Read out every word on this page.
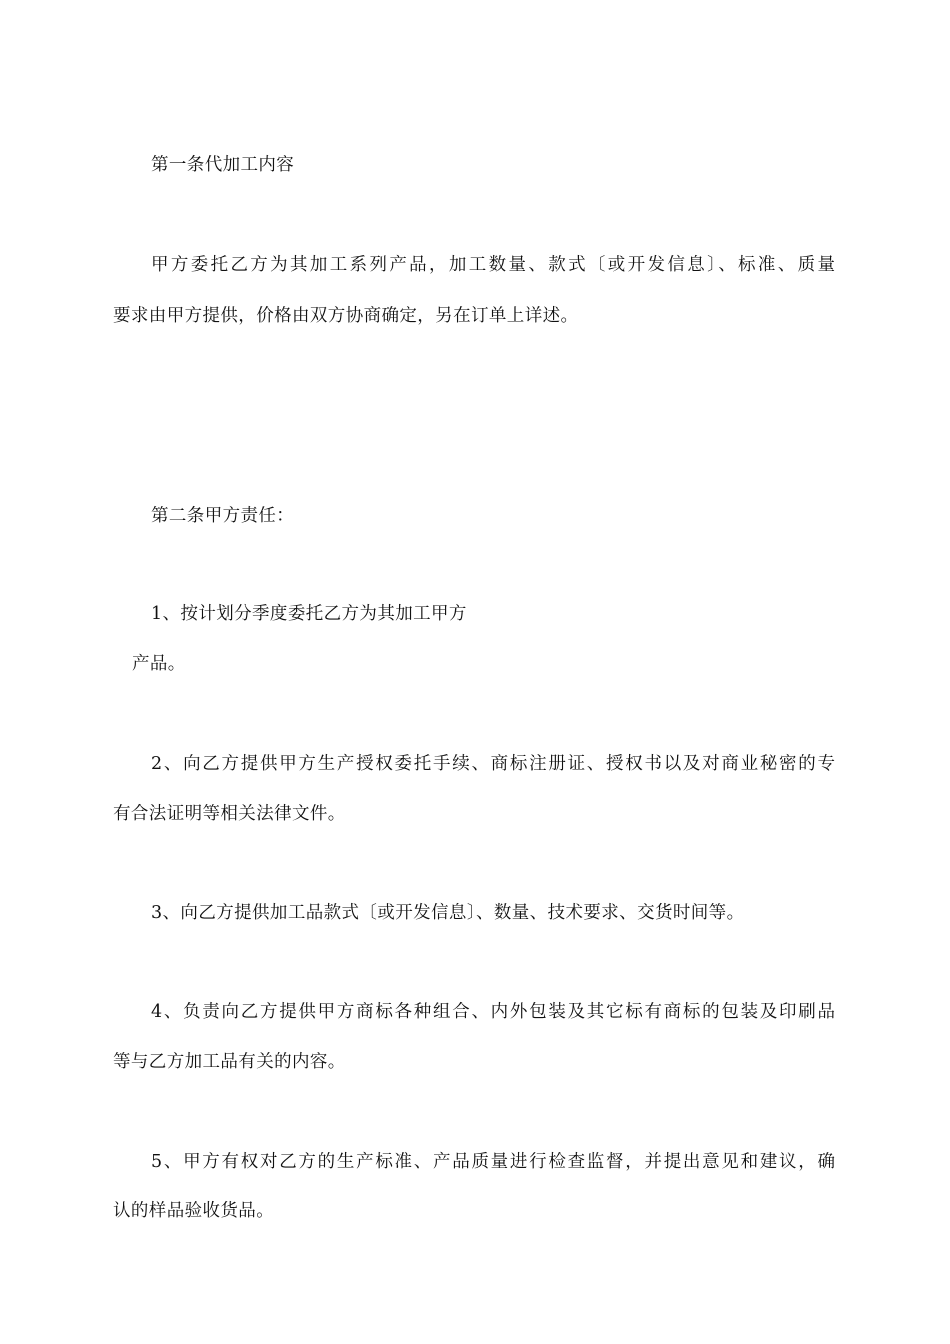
第一条代加工内容
甲方委托乙方为其加工系列产品，加工数量、款式〔或开发信息〕、标准、质量
要求由甲方提供，价格由双方协商确定，另在订单上详述。
第二条甲方责任：
1、按计划分季度委托乙方为其加工甲方
产品。
2、向乙方提供甲方生产授权委托手续、商标注册证、授权书以及对商业秘密的专
有合法证明等相关法律文件。
3、向乙方提供加工品款式〔或开发信息〕、数量、技术要求、交货时间等。
4、负责向乙方提供甲方商标各种组合、内外包装及其它标有商标的包装及印刷品
等与乙方加工品有关的内容。
5、甲方有权对乙方的生产标准、产品质量进行检查监督，并提出意见和建议，确
认的样品验收货品。
